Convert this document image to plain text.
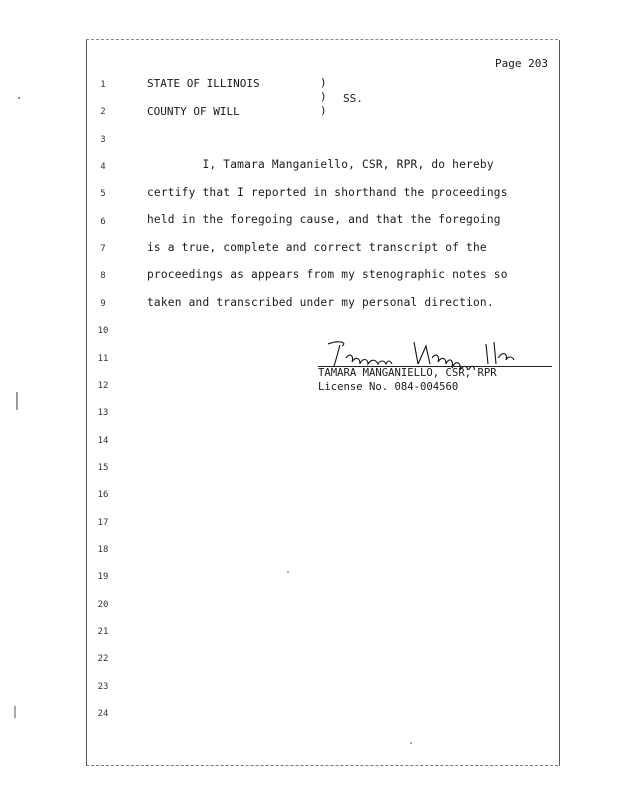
Page 203
1
2
3
4
5
6
7
8
9
10
11
12
13
14
15
16
17
18
19
20
21
22
23
24
STATE OF ILLINOIS
COUNTY OF WILL
)
)
)
SS.
I, Tamara Manganiello, CSR, RPR, do hereby
certify that I reported in shorthand the proceedings
held in the foregoing cause, and that the foregoing
is a true, complete and correct transcript of the
proceedings as appears from my stenographic notes so
taken and transcribed under my personal direction.
TAMARA MANGANIELLO, CSR, RPR
License No. 084-004560
